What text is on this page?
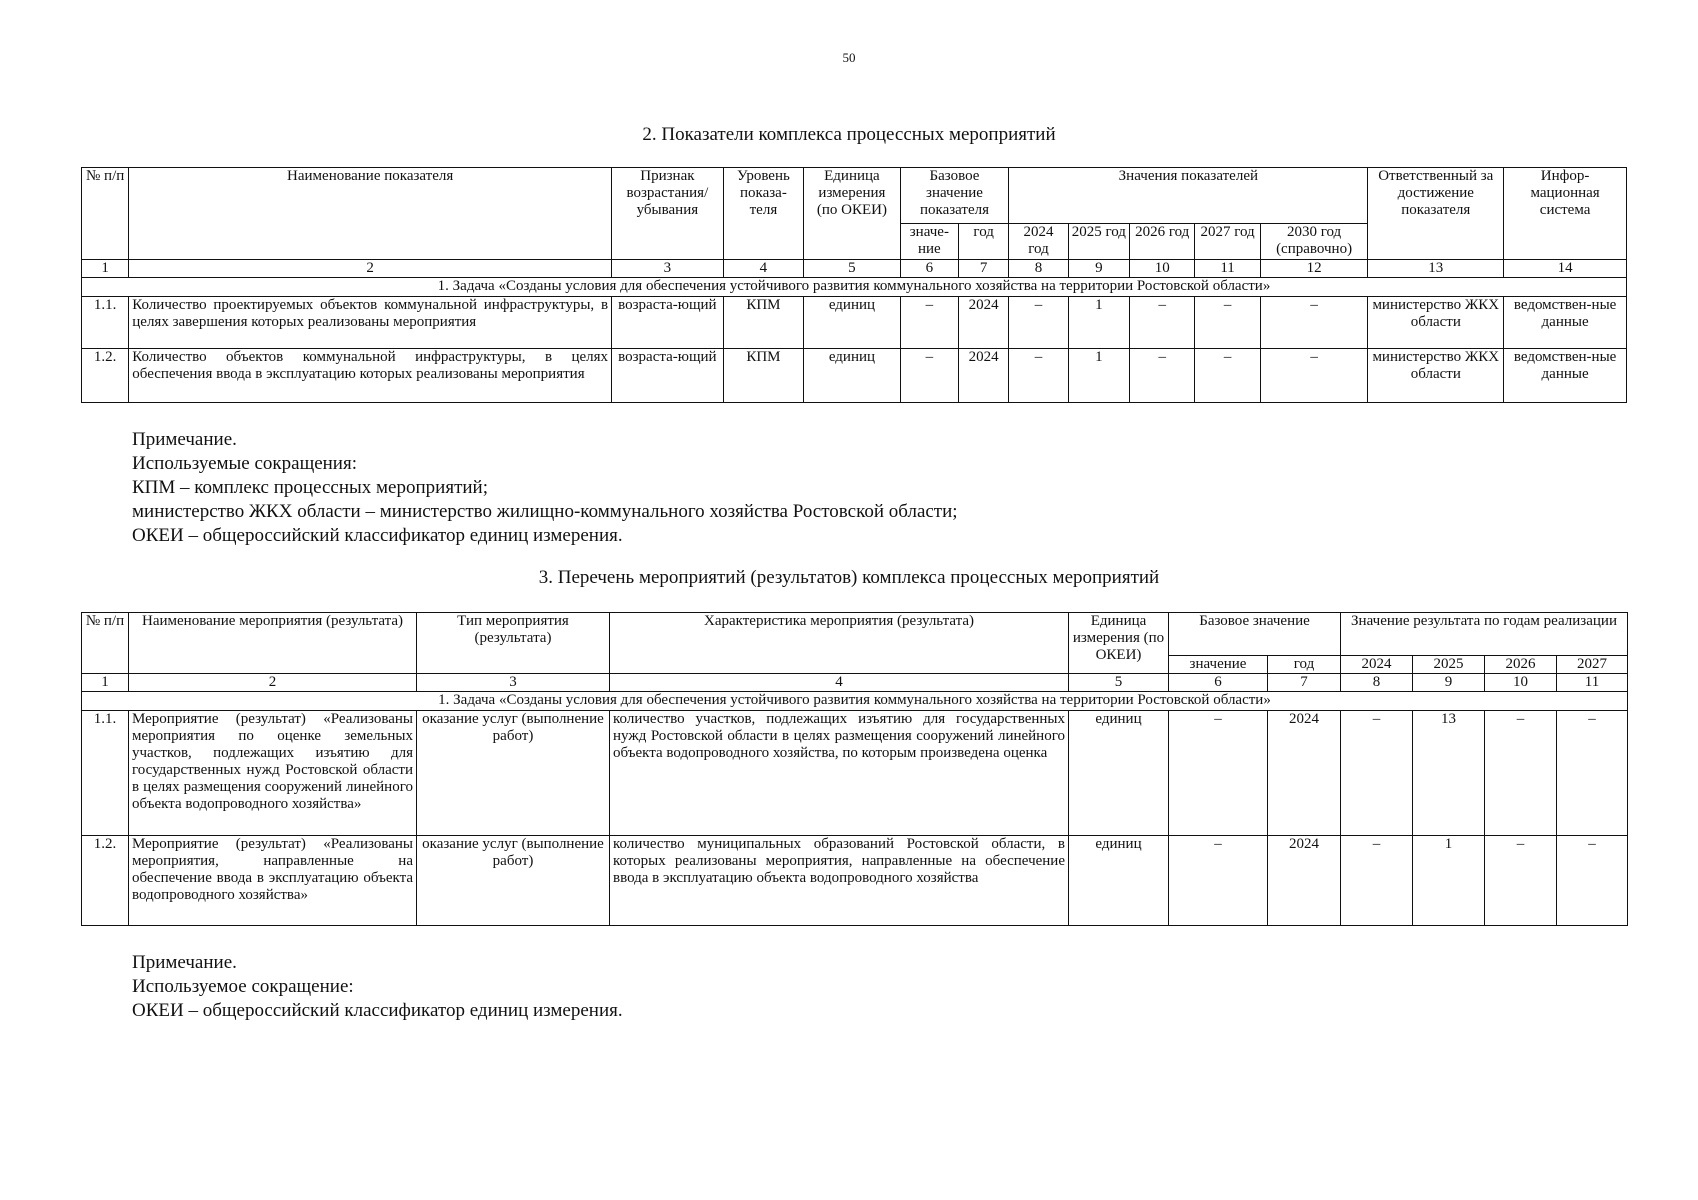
50
2. Показатели комплекса процессных мероприятий
№ п/п	Наименование показателя	Признак возрастания/ убывания	Уровень показа-теля	Единица измерения (по ОКЕИ)	Базовое значение показателя		Значения показателей					Ответственный за достижение показателя	Инфор-мационная система
					значе-ние	год	2024 год	2025 год	2026 год	2027 год	2030 год (справочно)		
1	2	3	4	5	6	7	8	9	10	11	12	13	14
1. Задача «Созданы условия для обеспечения устойчивого развития коммунального хозяйства на территории Ростовской области»													
1.1.	Количество проектируемых объектов коммунальной инфраструктуры, в целях завершения которых реализованы мероприятия	возраста-ющий	КПМ	единиц	–	2024	–	1	–	–	–	министерство ЖКХ области	ведомствен-ные данные
1.2.	Количество объектов коммунальной инфраструктуры, в целях обеспечения ввода в эксплуатацию которых реализованы мероприятия	возраста-ющий	КПМ	единиц	–	2024	–	1	–	–	–	министерство ЖКХ области	ведомствен-ные данные
Примечание.
Используемые сокращения:
КПМ – комплекс процессных мероприятий;
министерство ЖКХ области – министерство жилищно-коммунального хозяйства Ростовской области;
ОКЕИ – общероссийский классификатор единиц измерения.
3. Перечень мероприятий (результатов) комплекса процессных мероприятий
№ п/п	Наименование мероприятия (результата)	Тип мероприятия (результата)	Характеристика мероприятия (результата)	Единица измерения (по ОКЕИ)	Базовое значение		Значение результата по годам реализации			
					значение	год	2024	2025	2026	2027
1	2	3	4	5	6	7	8	9	10	11
1. Задача «Созданы условия для обеспечения устойчивого развития коммунального хозяйства на территории Ростовской области»										
1.1.	Мероприятие (результат) «Реализованы мероприятия по оценке земельных участков, подлежащих изъятию для государственных нужд Ростовской области в целях размещения сооружений линейного объекта водопроводного хозяйства»	оказание услуг (выполнение работ)	количество участков, подлежащих изъятию для государственных нужд Ростовской области в целях размещения сооружений линейного объекта водопроводного хозяйства, по которым произведена оценка	единиц	–	2024	–	13	–	–
1.2.	Мероприятие (результат) «Реализованы мероприятия, направленные на обеспечение ввода в эксплуатацию объекта водопроводного хозяйства»	оказание услуг (выполнение работ)	количество муниципальных образований Ростовской области, в которых реализованы мероприятия, направленные на обеспечение ввода в эксплуатацию объекта водопроводного хозяйства	единиц	–	2024	–	1	–	–
Примечание.
Используемое сокращение:
ОКЕИ – общероссийский классификатор единиц измерения.
